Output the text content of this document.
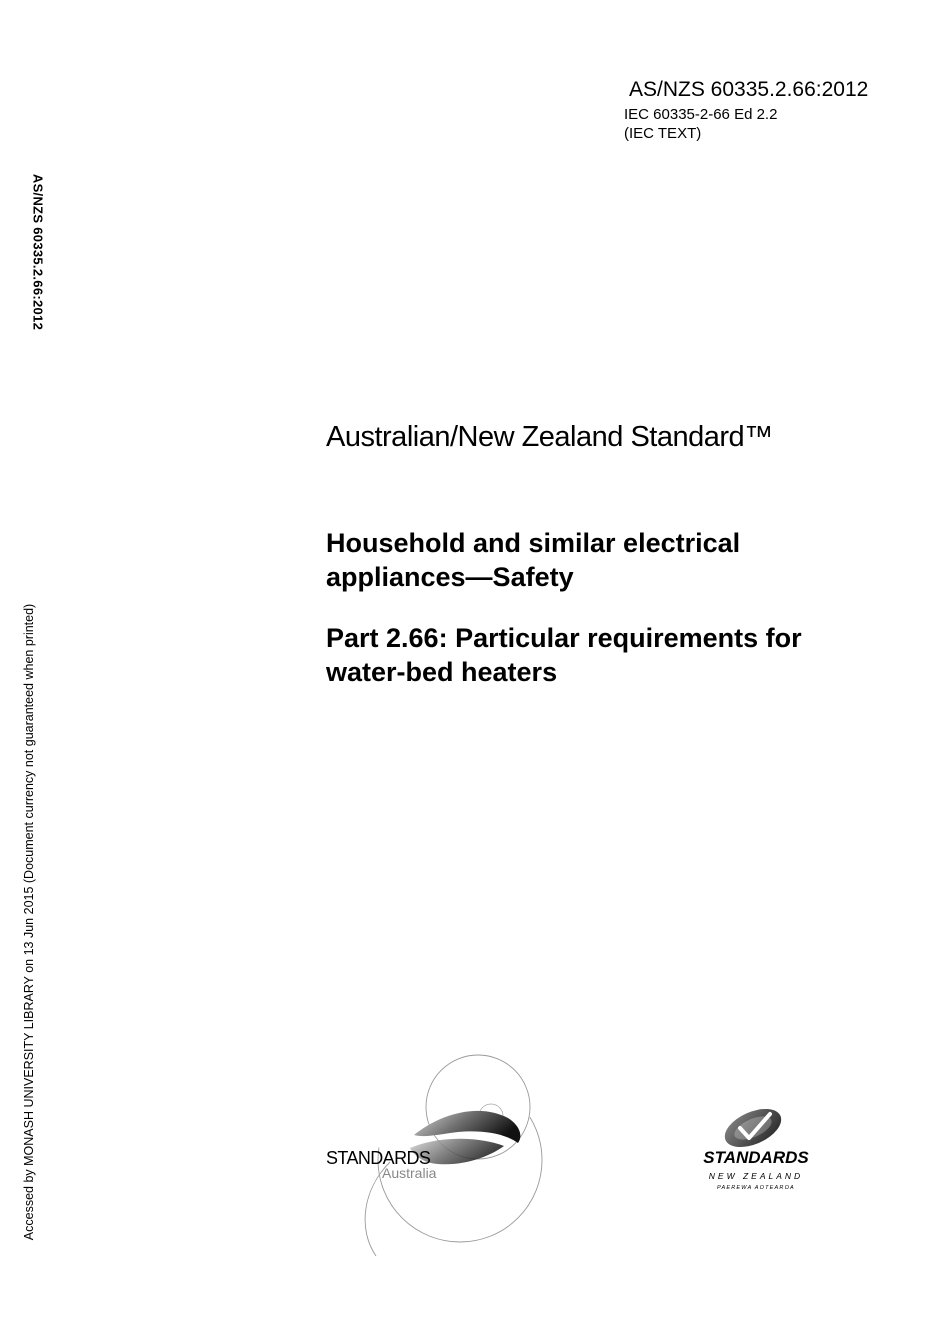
AS/NZS 60335.2.66:2012
IEC 60335-2-66 Ed 2.2
(IEC TEXT)
AS/NZS 60335.2.66:2012
Accessed by MONASH UNIVERSITY LIBRARY on 13 Jun 2015 (Document currency not guaranteed when printed)
Australian/New Zealand Standard™

Household and similar electrical

appliances—Safety

Part 2.66: Particular requirements for

water-bed heaters

STANDARDS
Australia
STANDARDS
NEW ZEALAND
PAEREWA AOTEAROA
